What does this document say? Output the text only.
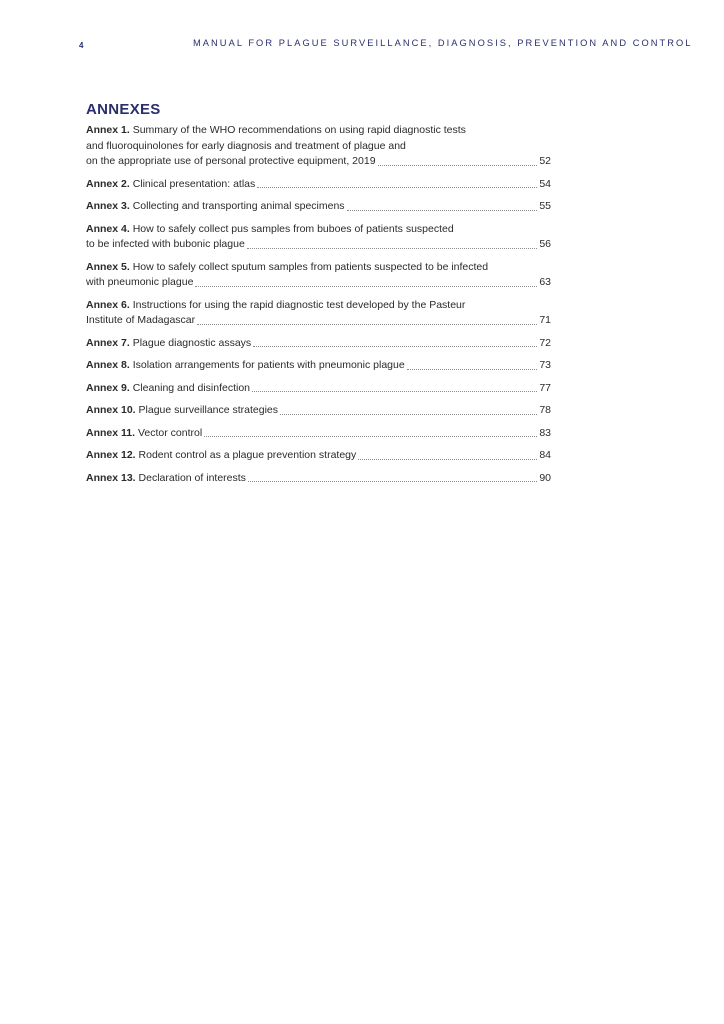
4	MANUAL FOR PLAGUE SURVEILLANCE, DIAGNOSIS, PREVENTION AND CONTROL

ANNEXES
Annex 1. Summary of the WHO recommendations on using rapid diagnostic tests
and fluoroquinolones for early diagnosis and treatment of plague and
on the appropriate use of personal protective equipment, 2019	52
Annex 2. Clinical presentation: atlas	54
Annex 3. Collecting and transporting animal specimens	55
Annex 4. How to safely collect pus samples from buboes of patients suspected
to be infected with bubonic plague	56
Annex 5. How to safely collect sputum samples from patients suspected to be infected
with pneumonic plague	63
Annex 6. Instructions for using the rapid diagnostic test developed by the Pasteur
Institute of Madagascar	71
Annex 7. Plague diagnostic assays	72
Annex 8. Isolation arrangements for patients with pneumonic plague	73
Annex 9. Cleaning and disinfection	77
Annex 10. Plague surveillance strategies	78
Annex 11. Vector control	83
Annex 12. Rodent control as a plague prevention strategy	84
Annex 13. Declaration of interests	90
